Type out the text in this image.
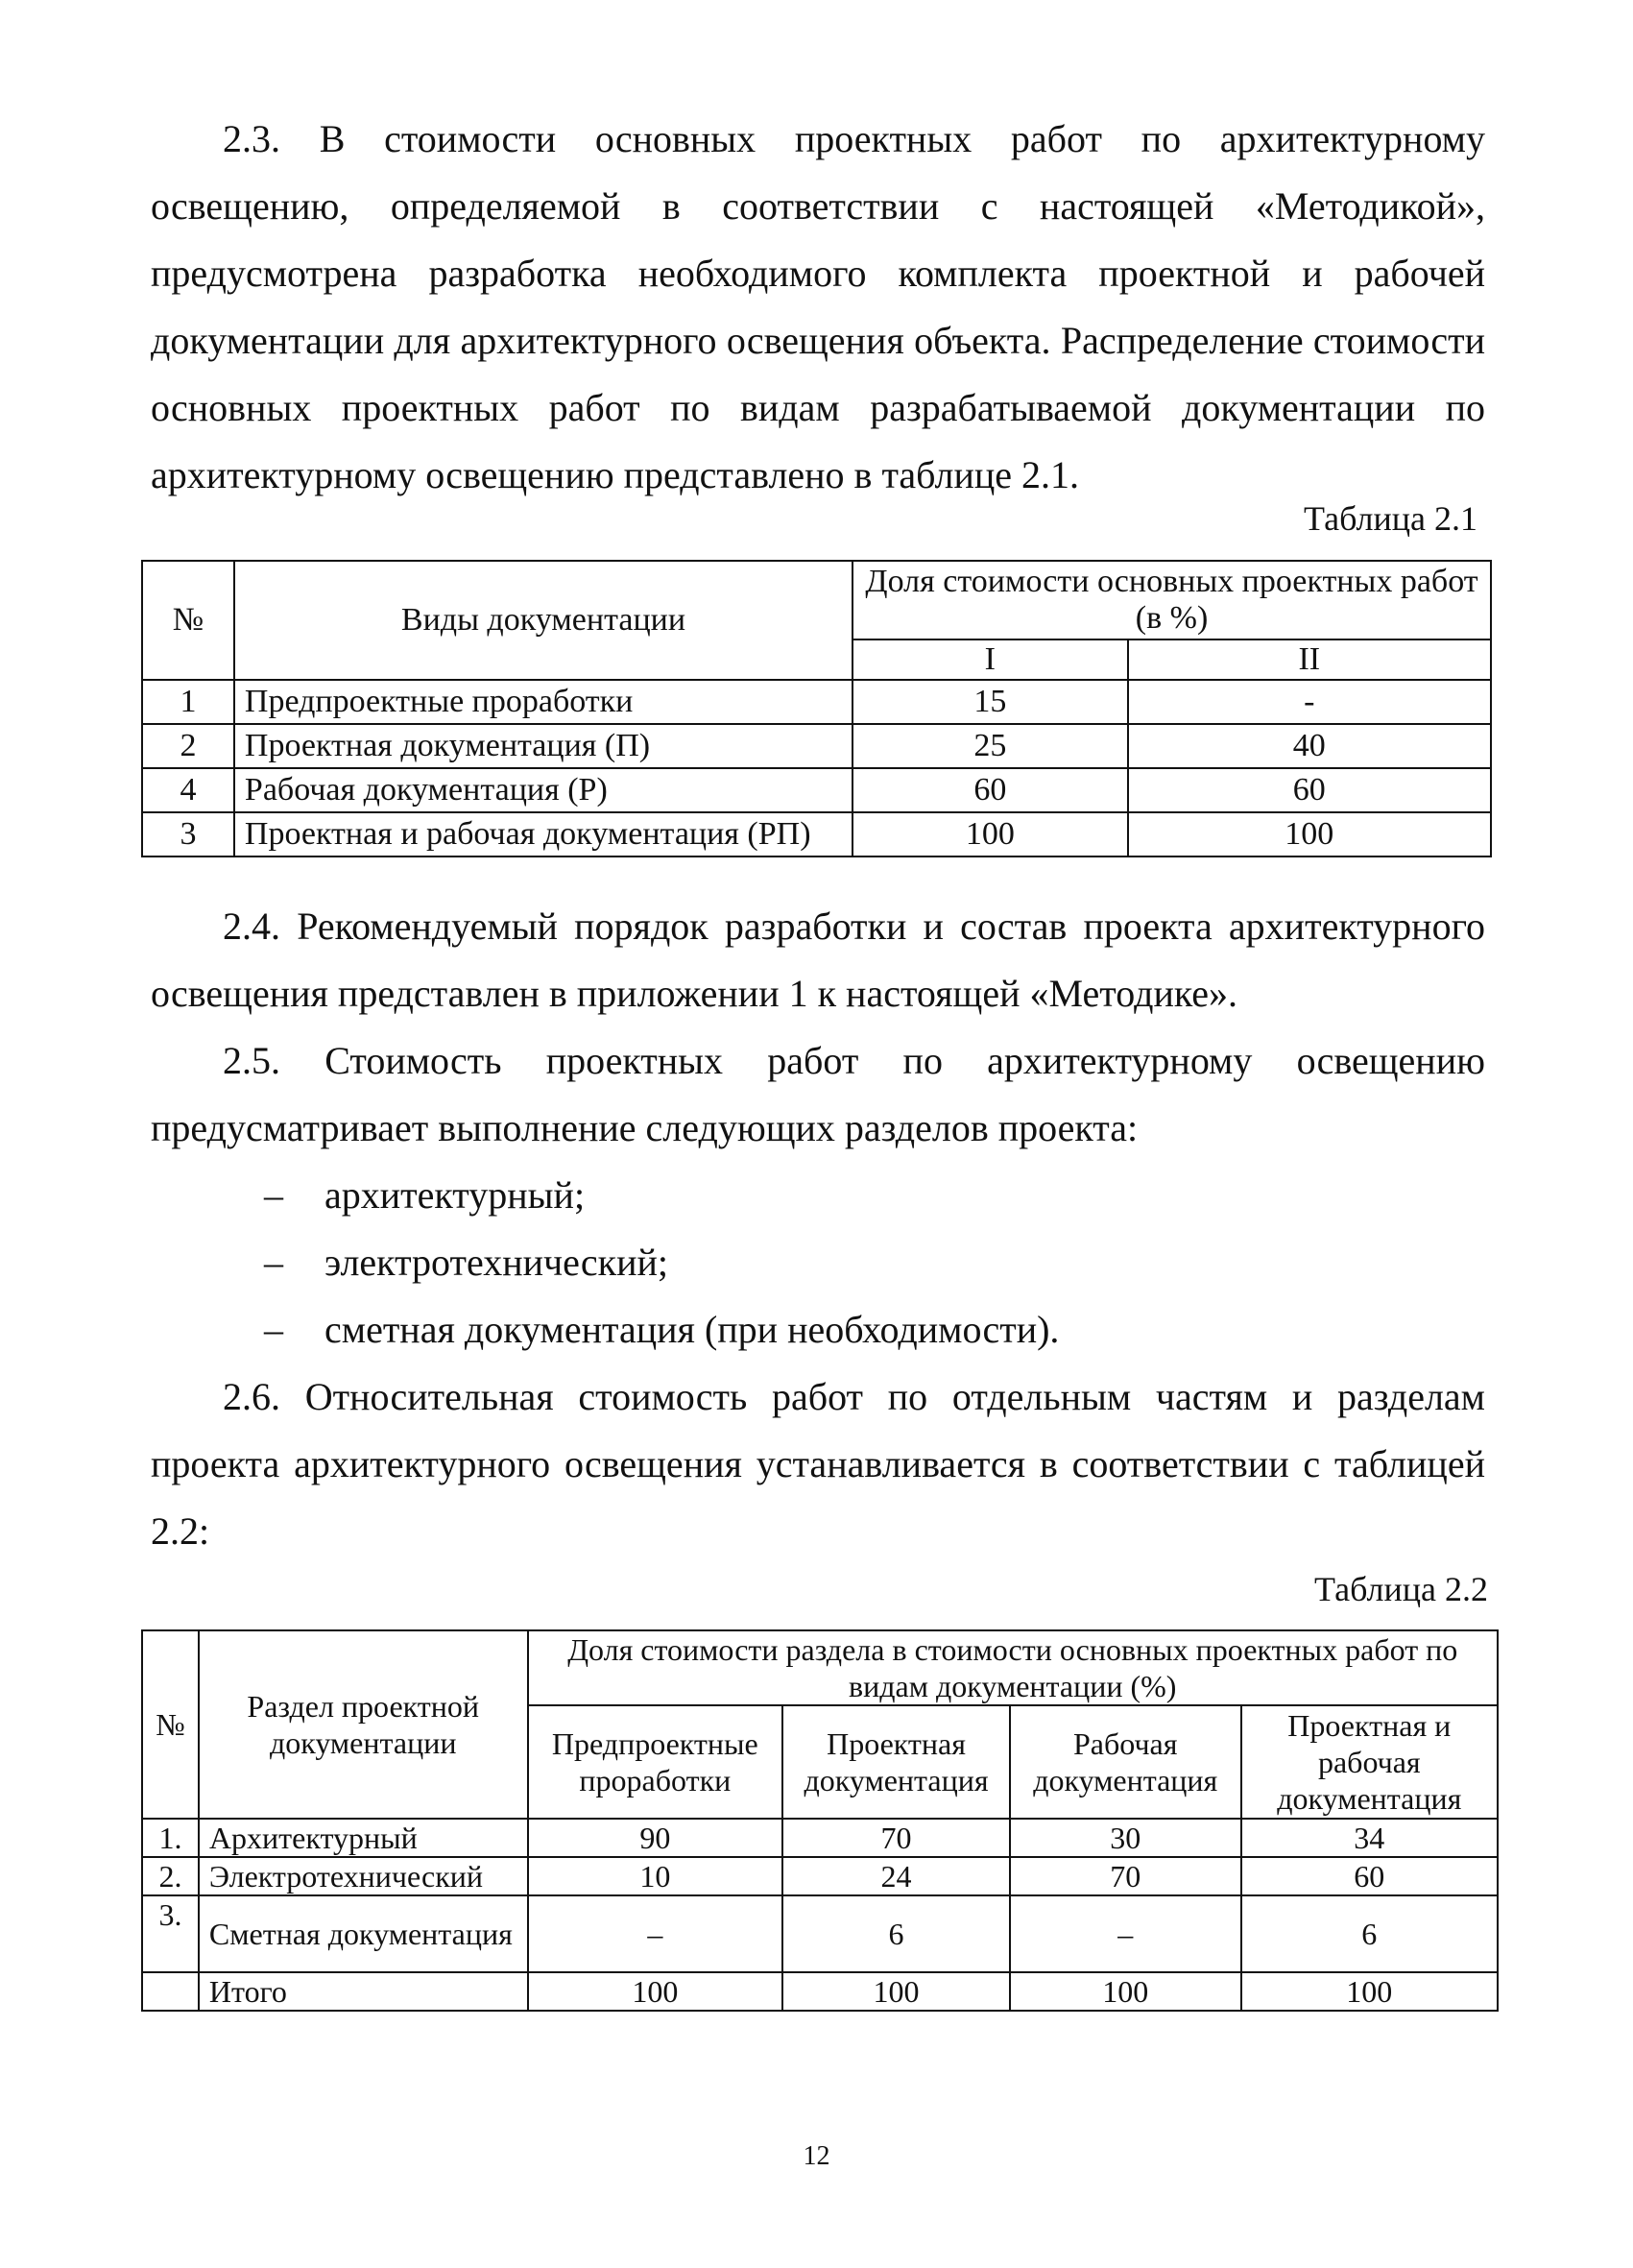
2.3. В стоимости основных проектных работ по архитектурному освещению, определяемой в соответствии с настоящей «Методикой», предусмотрена разработка необходимого комплекта проектной и рабочей документации для архитектурного освещения объекта. Распределение стоимости основных проектных работ по видам разрабатываемой документации по архитектурному освещению представлено в таблице 2.1.

Таблица 2.1
№	Виды документации	Доля стоимости основных проектных работ (в %)	
		I	II
1	Предпроектные проработки	15	-
2	Проектная документация (П)	25	40
4	Рабочая документация (Р)	60	60
3	Проектная и рабочая документация (РП)	100	100

2.4. Рекомендуемый порядок разработки и состав проекта архитектурного освещения представлен в приложении 1 к настоящей «Методике».

2.5. Стоимость проектных работ по архитектурному освещению предусматривает выполнение следующих разделов проекта:

– архитектурный;
– электротехнический;
– сметная документация (при необходимости).

2.6. Относительная стоимость работ по отдельным частям и разделам проекта архитектурного освещения устанавливается в соответствии с таблицей 2.2:

Таблица 2.2
№	Раздел проектной документации	Доля стоимости раздела в стоимости основных проектных работ по видам документации (%)			
		Предпроектные проработки	Проектная документация	Рабочая документация	Проектная и рабочая документация
1.	Архитектурный	90	70	30	34
2.	Электротехнический	10	24	70	60
3.	Сметная документация	–	6	–	6
	Итого	100	100	100	100
12
